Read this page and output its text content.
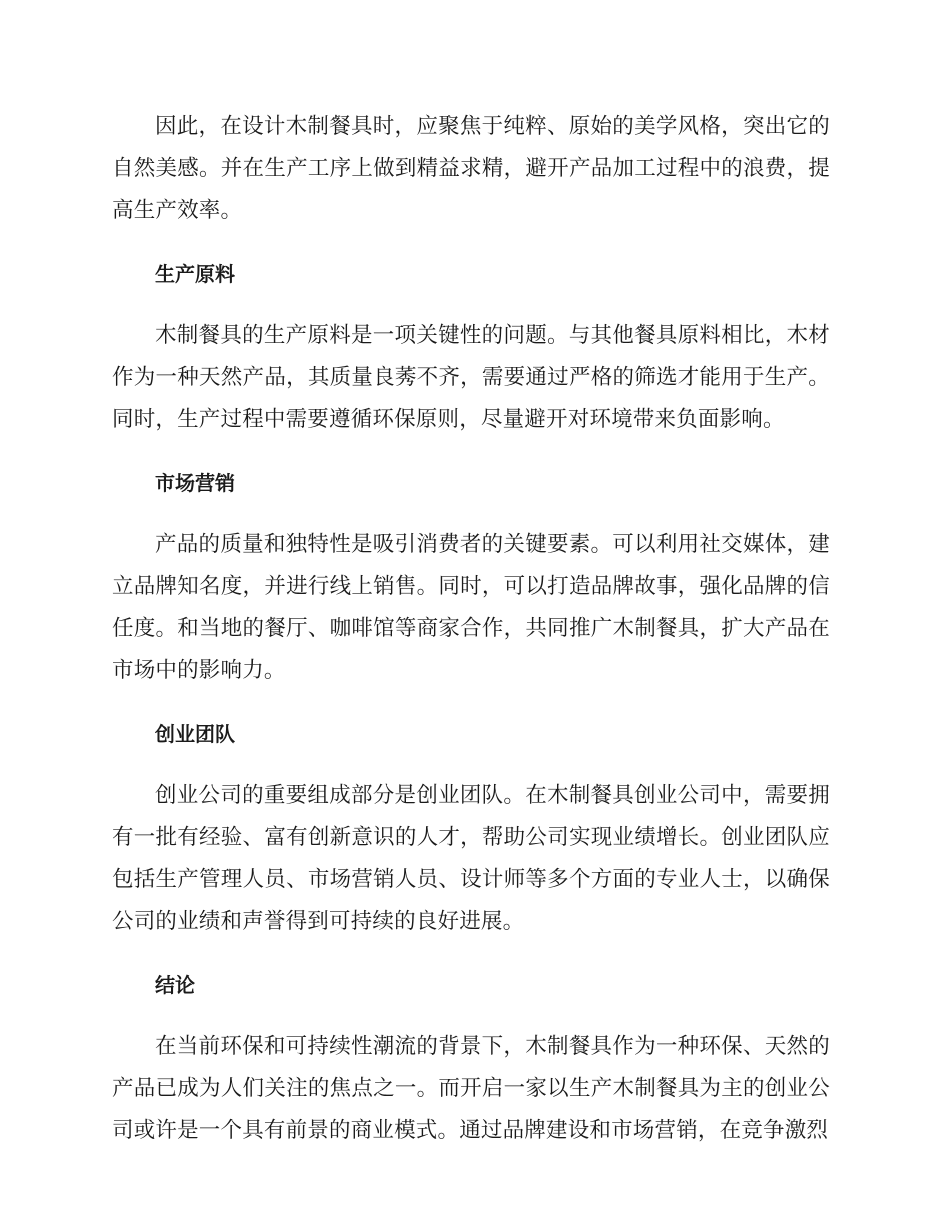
因此，在设计木制餐具时，应聚焦于纯粹、原始的美学风格，突出它的自然美感。并在生产工序上做到精益求精，避开产品加工过程中的浪费，提高生产效率。

生产原料

木制餐具的生产原料是一项关键性的问题。与其他餐具原料相比，木材作为一种天然产品，其质量良莠不齐，需要通过严格的筛选才能用于生产。同时，生产过程中需要遵循环保原则，尽量避开对环境带来负面影响。

市场营销

产品的质量和独特性是吸引消费者的关键要素。可以利用社交媒体，建立品牌知名度，并进行线上销售。同时，可以打造品牌故事，强化品牌的信任度。和当地的餐厅、咖啡馆等商家合作，共同推广木制餐具，扩大产品在市场中的影响力。

创业团队

创业公司的重要组成部分是创业团队。在木制餐具创业公司中，需要拥有一批有经验、富有创新意识的人才，帮助公司实现业绩增长。创业团队应包括生产管理人员、市场营销人员、设计师等多个方面的专业人士，以确保公司的业绩和声誉得到可持续的良好进展。

结论

在当前环保和可持续性潮流的背景下，木制餐具作为一种环保、天然的产品已成为人们关注的焦点之一。而开启一家以生产木制餐具为主的创业公司或许是一个具有前景的商业模式。通过品牌建设和市场营销，在竞争激烈
